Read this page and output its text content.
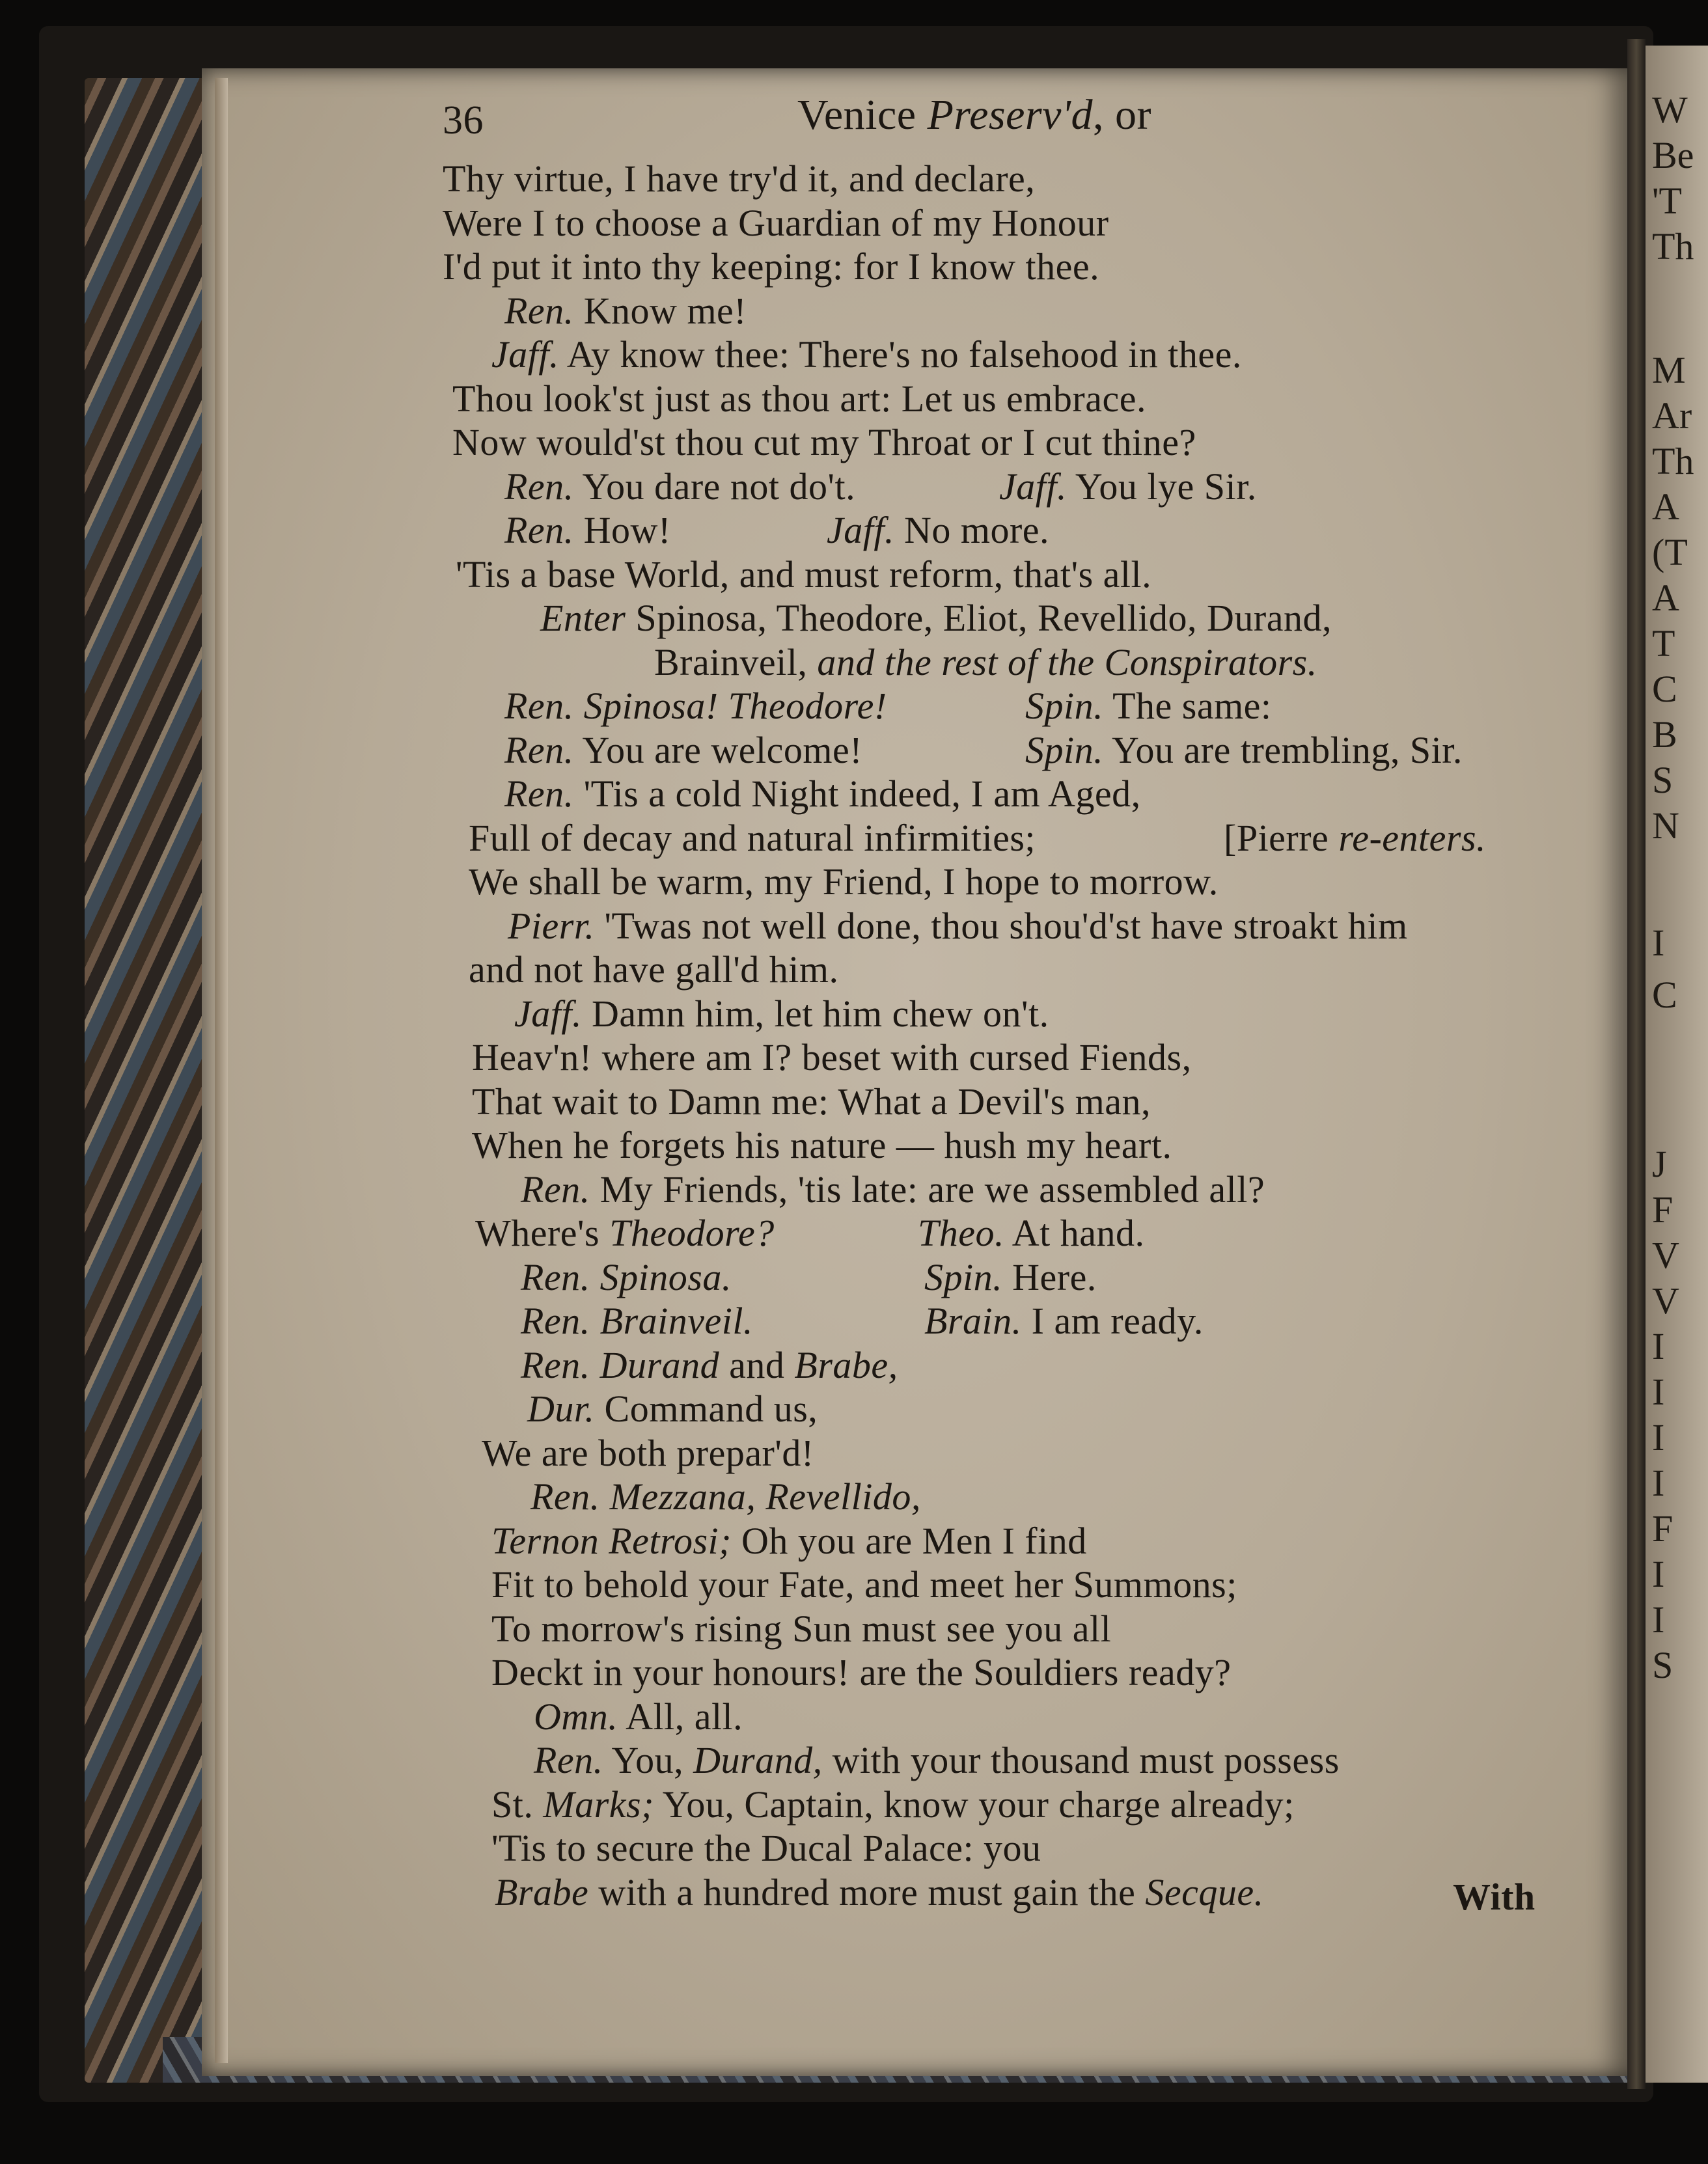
W
Be
'T
Th
M
Ar
Th
A
(T
A
T
C
B
S
N
I
C
J
F
V
V
I
I
I
I
F
I
I
S
36	Venice Preserv'd, or
With
Thy virtue, I have try'd it, and declare,
Were I to choose a Guardian of my Honour
I'd put it into thy keeping: for I know thee.
Ren. Know me!
Jaff. Ay know thee: There's no falsehood in thee.
Thou look'st just as thou art: Let us embrace.
Now would'st thou cut my Throat or I cut thine?
Ren. You dare not do't.	Jaff. You lye Sir.
Ren. How!	Jaff. No more.
'Tis a base World, and must reform, that's all.
Enter Spinosa, Theodore, Eliot, Revellido, Durand,
Brainveil, and the rest of the Conspirators.
Ren. Spinosa! Theodore!	Spin. The same:
Ren. You are welcome!	Spin. You are trembling, Sir.
Ren. 'Tis a cold Night indeed, I am Aged,
Full of decay and natural infirmities;	[Pierre re-enters.
We shall be warm, my Friend, I hope to morrow.
Pierr. 'Twas not well done, thou shou'd'st have stroakt him
and not have gall'd him.
Jaff. Damn him, let him chew on't.
Heav'n! where am I? beset with cursed Fiends,
That wait to Damn me: What a Devil's man,
When he forgets his nature — hush my heart.
Ren. My Friends, 'tis late: are we assembled all?
Where's Theodore?	Theo. At hand.
Ren. Spinosa.	Spin. Here.
Ren. Brainveil.	Brain. I am ready.
Ren. Durand and Brabe,
Dur. Command us,
We are both prepar'd!
Ren. Mezzana, Revellido,
Ternon Retrosi; Oh you are Men I find
Fit to behold your Fate, and meet her Summons;
To morrow's rising Sun must see you all
Deckt in your honours! are the Souldiers ready?
Omn. All, all.
Ren. You, Durand, with your thousand must possess
St. Marks; You, Captain, know your charge already;
'Tis to secure the Ducal Palace: you
Brabe with a hundred more must gain the Secque.
